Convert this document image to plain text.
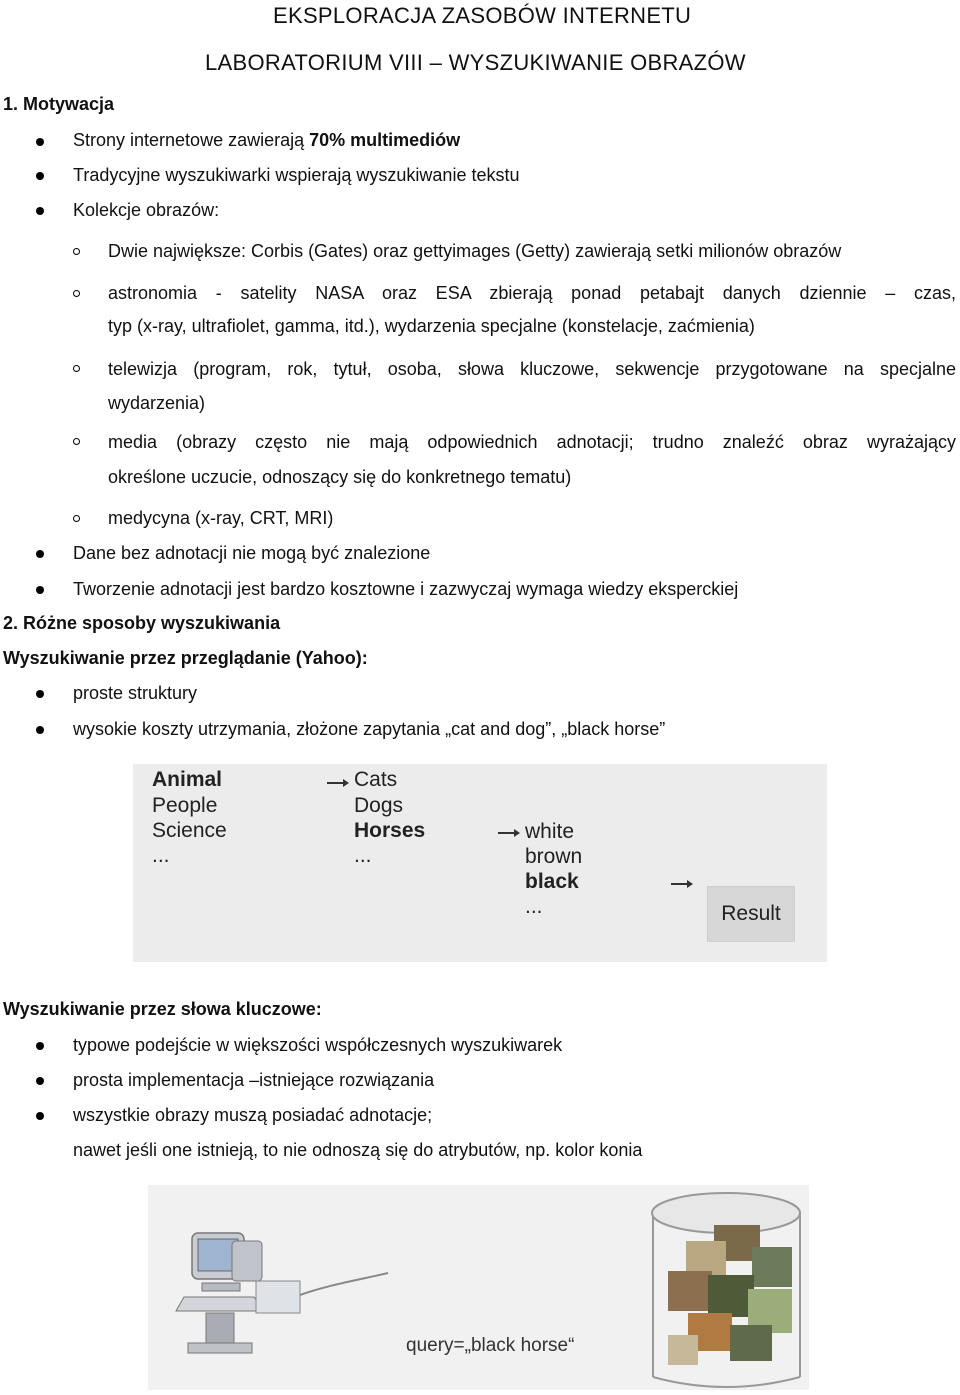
EKSPLORACJA ZASOBÓW INTERNETU
LABORATORIUM VIII – WYSZUKIWANIE OBRAZÓW
1. Motywacja
Strony internetowe zawierają 70% multimediów
Tradycyjne wyszukiwarki wspierają wyszukiwanie tekstu
Kolekcje obrazów:
Dwie największe: Corbis (Gates) oraz gettyimages (Getty) zawierają setki milionów obrazów
astronomia - satelity NASA oraz ESA zbierają ponad petabajt danych dziennie – czas,
typ (x-ray, ultrafiolet, gamma, itd.), wydarzenia specjalne (konstelacje, zaćmienia)
telewizja (program, rok, tytuł, osoba, słowa kluczowe, sekwencje przygotowane na specjalne
wydarzenia)
media (obrazy często nie mają odpowiednich adnotacji; trudno znaleźć obraz wyrażający
określone uczucie, odnoszący się do konkretnego tematu)
medycyna (x-ray, CRT, MRI)
Dane bez adnotacji nie mogą być znalezione
Tworzenie adnotacji jest bardzo kosztowne i zazwyczaj wymaga wiedzy eksperckiej
2. Różne sposoby wyszukiwania
Wyszukiwanie przez przeglądanie (Yahoo):
proste struktury
wysokie koszty utrzymania, złożone zapytania „cat and dog”, „black horse”
Animal
People
Science
...
Cats
Dogs
Horses
...
white
brown
black
...	Result
Wyszukiwanie przez słowa kluczowe:
typowe podejście w większości współczesnych wyszukiwarek
prosta implementacja –istniejące rozwiązania
wszystkie obrazy muszą posiadać adnotacje;
nawet jeśli one istnieją, to nie odnoszą się do atrybutów, np. kolor konia
query=„black horse“
